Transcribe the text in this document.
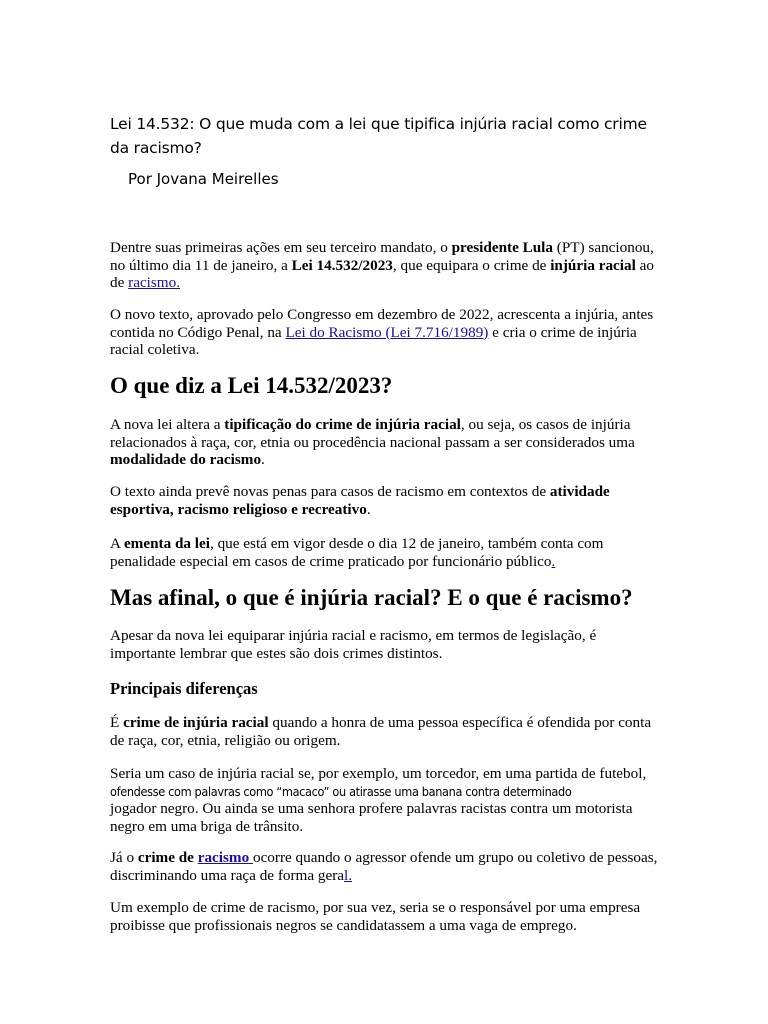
Lei 14.532: O que muda com a lei que tipifica injúria racial como crime da racismo?
Por Jovana Meirelles

Dentre suas primeiras ações em seu terceiro mandato, o presidente Lula (PT) sancionou, no último dia 11 de janeiro, a Lei 14.532/2023, que equipara o crime de injúria racial ao de racismo.

O novo texto, aprovado pelo Congresso em dezembro de 2022, acrescenta a injúria, antes contida no Código Penal, na Lei do Racismo (Lei 7.716/1989) e cria o crime de injúria racial coletiva.

O que diz a Lei 14.532/2023?

A nova lei altera a tipificação do crime de injúria racial, ou seja, os casos de injúria relacionados à raça, cor, etnia ou procedência nacional passam a ser considerados uma modalidade do racismo.

O texto ainda prevê novas penas para casos de racismo em contextos de atividade esportiva, racismo religioso e recreativo.

A ementa da lei, que está em vigor desde o dia 12 de janeiro, também conta com penalidade especial em casos de crime praticado por funcionário público.

Mas afinal, o que é injúria racial? E o que é racismo?

Apesar da nova lei equiparar injúria racial e racismo, em termos de legislação, é importante lembrar que estes são dois crimes distintos.

Principais diferenças

É crime de injúria racial quando a honra de uma pessoa específica é ofendida por conta de raça, cor, etnia, religião ou origem.

Seria um caso de injúria racial se, por exemplo, um torcedor, em uma partida de futebol,
ofendesse com palavras como “macaco” ou atirasse uma banana contra determinado
jogador negro. Ou ainda se uma senhora profere palavras racistas contra um motorista negro em uma briga de trânsito.

Já o crime de racismo ocorre quando o agressor ofende um grupo ou coletivo de pessoas, discriminando uma raça de forma geral.

Um exemplo de crime de racismo, por sua vez, seria se o responsável por uma empresa proibisse que profissionais negros se candidatassem a uma vaga de emprego.
